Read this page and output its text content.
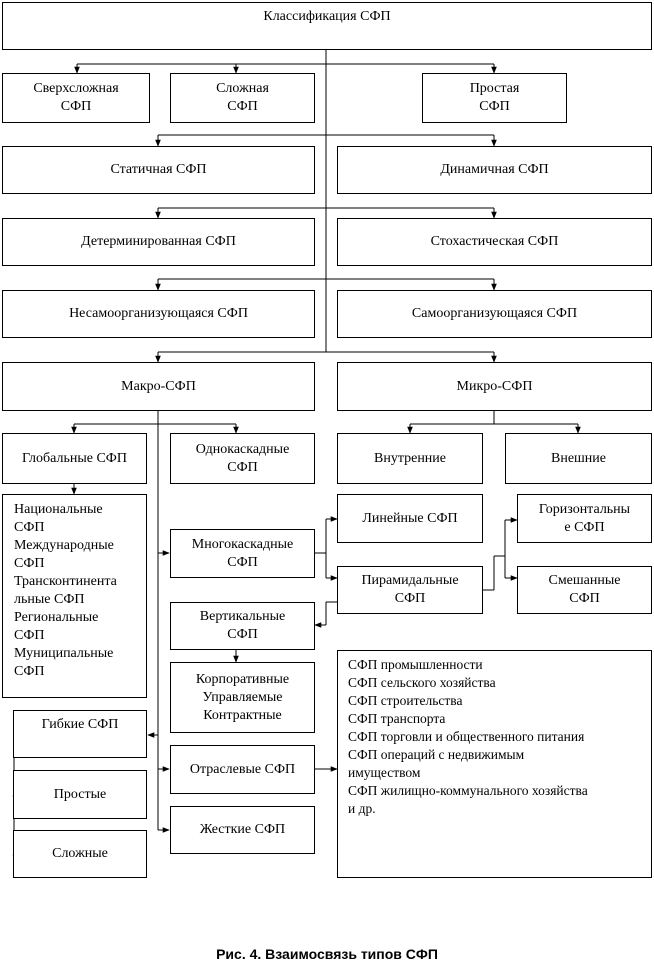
Классификация СФП
Сверхсложная
СФП
Сложная
СФП
Простая
СФП
Статичная СФП	Динамичная СФП
Детерминированная СФП	Стохастическая СФП
Несамоорганизующаяся СФП	Самоорганизующаяся СФП
Макро-СФП	Микро-СФП
Глобальные СФП
Однокаскадные
СФП
Национальные
СФП
Международные
СФП
Трансконтинента
льные СФП
Региональные
СФП
Муниципальные
СФП
Многокаскадные
СФП
Вертикальные
СФП
Корпоративные
Управляемые
Контрактные
Отраслевые СФП
Жесткие СФП
Гибкие СФП
Простые
Сложные
Внутренние	Внешние
Линейные СФП
Пирамидальные
СФП
Горизонтальны
е СФП
Смешанные
СФП
СФП промышленности
СФП сельского хозяйства
СФП строительства
СФП транспорта
СФП торговли и общественного питания
СФП операций с недвижимым
имуществом
СФП жилищно-коммунального хозяйства
и др.
Рис. 4. Взаимосвязь типов СФП
